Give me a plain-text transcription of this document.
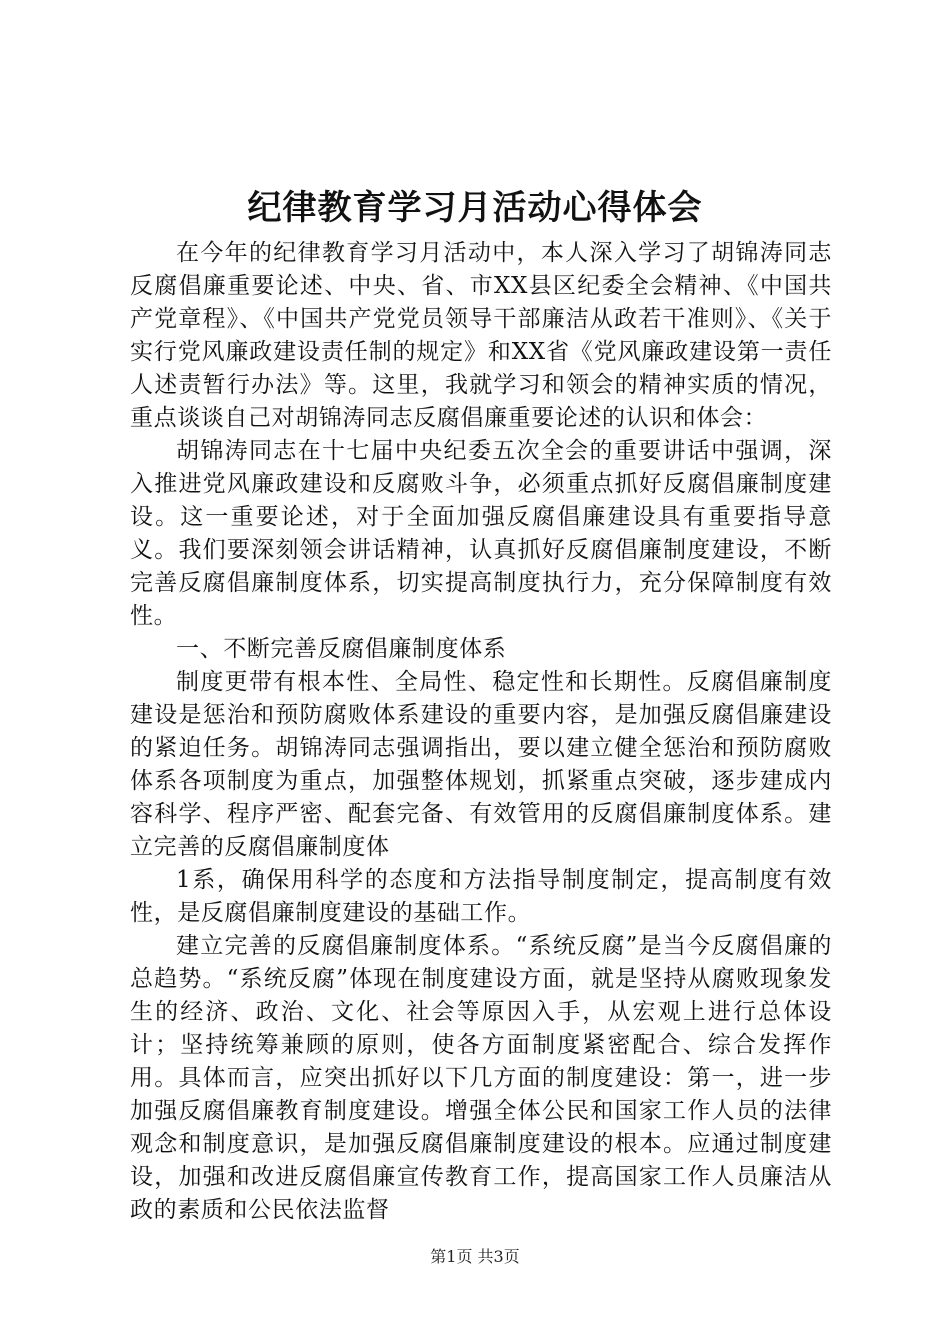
纪律教育学习月活动心得体会

在今年的纪律教育学习月活动中，本人深入学习了胡锦涛同志反腐倡廉重要论述、中央、省、市XX县区纪委全会精神、《中国共产党章程》、《中国共产党党员领导干部廉洁从政若干准则》、《关于实行党风廉政建设责任制的规定》和XX省《党风廉政建设第一责任人述责暂行办法》等。这里，我就学习和领会的精神实质的情况，重点谈谈自己对胡锦涛同志反腐倡廉重要论述的认识和体会：

胡锦涛同志在十七届中央纪委五次全会的重要讲话中强调，深入推进党风廉政建设和反腐败斗争，必须重点抓好反腐倡廉制度建设。这一重要论述，对于全面加强反腐倡廉建设具有重要指导意义。我们要深刻领会讲话精神，认真抓好反腐倡廉制度建设，不断完善反腐倡廉制度体系，切实提高制度执行力，充分保障制度有效性。

一、不断完善反腐倡廉制度体系

制度更带有根本性、全局性、稳定性和长期性。反腐倡廉制度建设是惩治和预防腐败体系建设的重要内容，是加强反腐倡廉建设的紧迫任务。胡锦涛同志强调指出，要以建立健全惩治和预防腐败体系各项制度为重点，加强整体规划，抓紧重点突破，逐步建成内容科学、程序严密、配套完备、有效管用的反腐倡廉制度体系。建立完善的反腐倡廉制度体

1系，确保用科学的态度和方法指导制度制定，提高制度有效性，是反腐倡廉制度建设的基础工作。

建立完善的反腐倡廉制度体系。“系统反腐”是当今反腐倡廉的总趋势。“系统反腐”体现在制度建设方面，就是坚持从腐败现象发生的经济、政治、文化、社会等原因入手，从宏观上进行总体设计；坚持统筹兼顾的原则，使各方面制度紧密配合、综合发挥作用。具体而言，应突出抓好以下几方面的制度建设：第一，进一步加强反腐倡廉教育制度建设。增强全体公民和国家工作人员的法律观念和制度意识，是加强反腐倡廉制度建设的根本。应通过制度建设，加强和改进反腐倡廉宣传教育工作，提高国家工作人员廉洁从政的素质和公民依法监督

第1页 共3页
